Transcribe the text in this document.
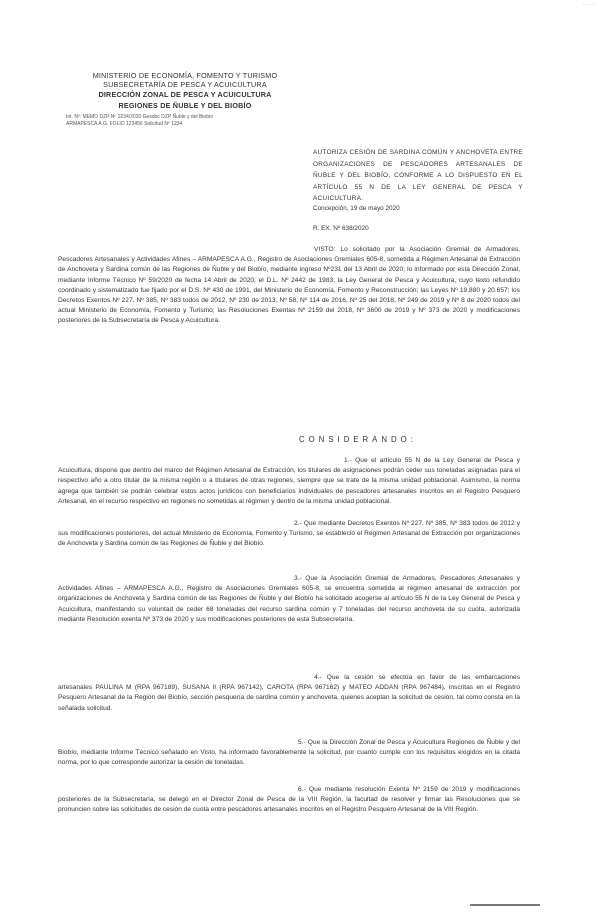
· · · ·
MINISTERIO DE ECONOMÍA, FOMENTO Y TURISMO
SUBSECRETARÍA DE PESCA Y ACUICULTURA
DIRECCIÓN ZONAL DE PESCA Y ACUICULTURA
REGIONES DE ÑUBLE Y DEL BIOBÍO
Int. Nº: MEMO DZP Nº 1234/2020 Gesdoc DZP Ñuble y del Biobío
ARMAPESCA A.G. FOLIO 123456 Solicitud Nº 1234
AUTORIZA CESIÓN DE SARDINA COMÚN Y ANCHOVETA ENTRE ORGANIZACIONES DE PESCADORES ARTESANALES DE ÑUBLE Y DEL BIOBÍO, CONFORME A LO DISPUESTO EN EL ARTÍCULO 55 N DE LA LEY GENERAL DE PESCA Y ACUICULTURA.
Concepción, 19 de mayo 2020
R. EX. Nº 638/2020
VISTO: Lo solicitado por la Asociación Gremial de Armadores, Pescadores Artesanales y Actividades Afines – ARMAPESCA A.G., Registro de Asociaciones Gremiales 605-8, sometida a Régimen Artesanal de Extracción de Anchoveta y Sardina común de las Regiones de Ñuble y del Biobío, mediante ingreso Nº231 del 13 Abril de 2020; lo informado por esta Dirección Zonal, mediante Informe Técnico Nº 59/2020 de fecha 14 Abril de 2020; el D.L. Nº 2442 de 1983; la Ley General de Pesca y Acuicultura, cuyo texto refundido coordinado y sistematizado fue fijado por el D.S. Nº 430 de 1991, del Ministerio de Economía, Fomento y Reconstrucción; las Leyes Nº 19.880 y 20.657; los Decretos Exentos Nº 227, Nº 385, Nº 383 todos de 2012, Nº 230 de 2013, Nº 58, Nº 114 de 2016, Nº 25 del 2018, Nº 249 de 2019 y Nº 8 de 2020 todos del actual Ministerio de Economía, Fomento y Turismo; las Resoluciones Exentas Nº 2159 del 2018, Nº 3600 de 2019 y Nº 373 de 2020 y modificaciones posteriores de la Subsecretaría de Pesca y Acuicultura.
CONSIDERANDO:
1.- Que el artículo 55 N de la Ley General de Pesca y Acuicultura, dispone que dentro del marco del Régimen Artesanal de Extracción, los titulares de asignaciones podrán ceder sus toneladas asignadas para el respectivo año a otro titular de la misma región o a titulares de otras regiones, siempre que se trate de la misma unidad poblacional. Asimismo, la norma agrega que también se podrán celebrar estos actos jurídicos con beneficiarios individuales de pescadores artesanales inscritos en el Registro Pesquero Artesanal, en el recurso respectivo en regiones no sometidas al régimen y dentro de la misma unidad poblacional.
2.- Que mediante Decretos Exentos Nº 227, Nº 385, Nº 383 todos de 2012 y sus modificaciones posteriores, del actual Ministerio de Economía, Fomento y Turismo, se estableció el Régimen Artesanal de Extracción por organizaciones de Anchoveta y Sardina común de las Regiones de Ñuble y del Biobío.
3.- Que la Asociación Gremial de Armadores, Pescadores Artesanales y Actividades Afines – ARMAPESCA A.G., Registro de Asociaciones Gremiales 605-8, se encuentra sometida al régimen artesanal de extracción por organizaciones de Anchoveta y Sardina común de las Regiones de Ñuble y del Biobío ha solicitado acogerse al artículo 55 N de la Ley General de Pesca y Acuicultura, manifestando su voluntad de ceder 68 toneladas del recurso sardina común y 7 toneladas del recurso anchoveta de su cuota, autorizada mediante Resolución exenta Nº 373 de 2020 y sus modificaciones posteriores de esta Subsecretaría.
4.- Que la cesión se efectúa en favor de las embarcaciones artesanales PAULINA M (RPA 967189), SUSANA II (RPA 967142), CAROTA (RPA 967162) y MATEO ADDAN (RPA 967484), inscritas en el Registro Pesquero Artesanal de la Región del Biobío, sección pesquería de sardina común y anchoveta, quienes aceptan la solicitud de cesión, tal como consta en la señalada solicitud.
5.- Que la Dirección Zonal de Pesca y Acuicultura Regiones de Ñuble y del Biobío, mediante Informe Técnico señalado en Visto, ha informado favorablemente la solicitud, por cuanto cumple con los requisitos exigidos en la citada norma, por lo que corresponde autorizar la cesión de toneladas.
6.- Que mediante resolución Exenta Nº 2159 de 2019 y modificaciones posteriores de la Subsecretaría, se delegó en el Director Zonal de Pesca de la VIII Región, la facultad de resolver y firmar las Resoluciones que se pronuncien sobre las solicitudes de cesión de cuota entre pescadores artesanales inscritos en el Registro Pesquero Artesanal de la VIII Región.
